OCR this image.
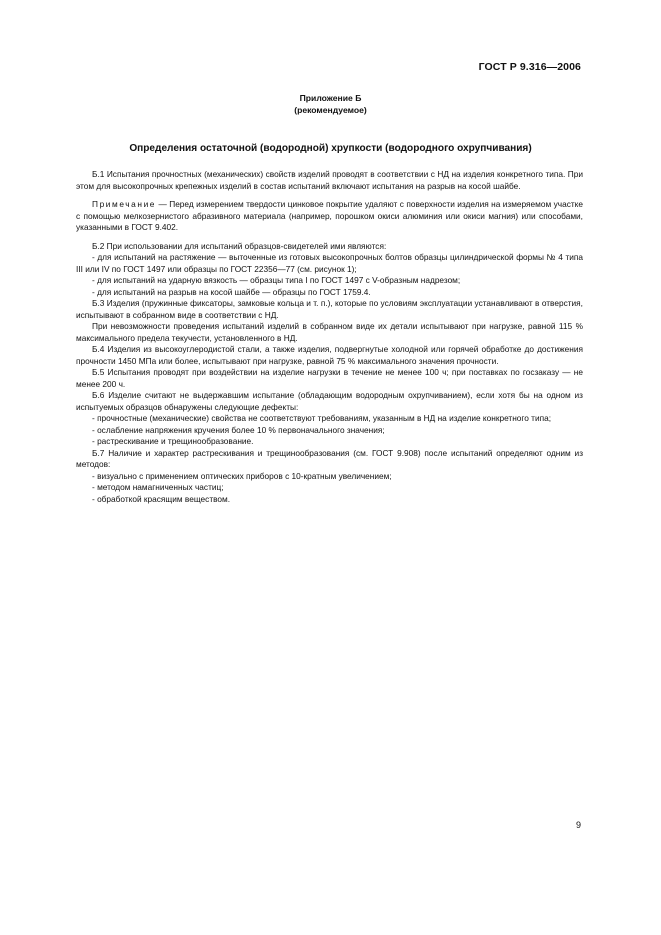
ГОСТ Р 9.316—2006
Приложение Б
(рекомендуемое)
Определения остаточной (водородной) хрупкости (водородного охрупчивания)

Б.1 Испытания прочностных (механических) свойств изделий проводят в соответствии с НД на изделия конкретного типа. При этом для высокопрочных крепежных изделий в состав испытаний включают испытания на разрыв на косой шайбе.

Примечание — Перед измерением твердости цинковое покрытие удаляют с поверхности изделия на измеряемом участке с помощью мелкозернистого абразивного материала (например, порошком окиси алюминия или окиси магния) или способами, указанными в ГОСТ 9.402.

Б.2 При использовании для испытаний образцов-свидетелей ими являются:

- для испытаний на растяжение — выточенные из готовых высокопрочных болтов образцы цилиндрической формы № 4 типа III или IV по ГОСТ 1497 или образцы по ГОСТ 22356—77 (см. рисунок 1);

- для испытаний на ударную вязкость — образцы типа I по ГОСТ 1497 с V-образным надрезом;

- для испытаний на разрыв на косой шайбе — образцы по ГОСТ 1759.4.

Б.3 Изделия (пружинные фиксаторы, замковые кольца и т. п.), которые по условиям эксплуатации устанавливают в отверстия, испытывают в собранном виде в соответствии с НД.

При невозможности проведения испытаний изделий в собранном виде их детали испытывают при нагрузке, равной 115 % максимального предела текучести, установленного в НД.

Б.4 Изделия из высокоуглеродистой стали, а также изделия, подвергнутые холодной или горячей обработке до достижения прочности 1450 МПа или более, испытывают при нагрузке, равной 75 % максимального значения прочности.

Б.5 Испытания проводят при воздействии на изделие нагрузки в течение не менее 100 ч; при поставках по госзаказу — не менее 200 ч.

Б.6 Изделие считают не выдержавшим испытание (обладающим водородным охрупчиванием), если хотя бы на одном из испытуемых образцов обнаружены следующие дефекты:

- прочностные (механические) свойства не соответствуют требованиям, указанным в НД на изделие конкретного типа;

- ослабление напряжения кручения более 10 % первоначального значения;

- растрескивание и трещинообразование.

Б.7 Наличие и характер растрескивания и трещинообразования (см. ГОСТ 9.908) после испытаний определяют одним из методов:

- визуально с применением оптических приборов с 10-кратным увеличением;

- методом намагниченных частиц;

- обработкой красящим веществом.

9
